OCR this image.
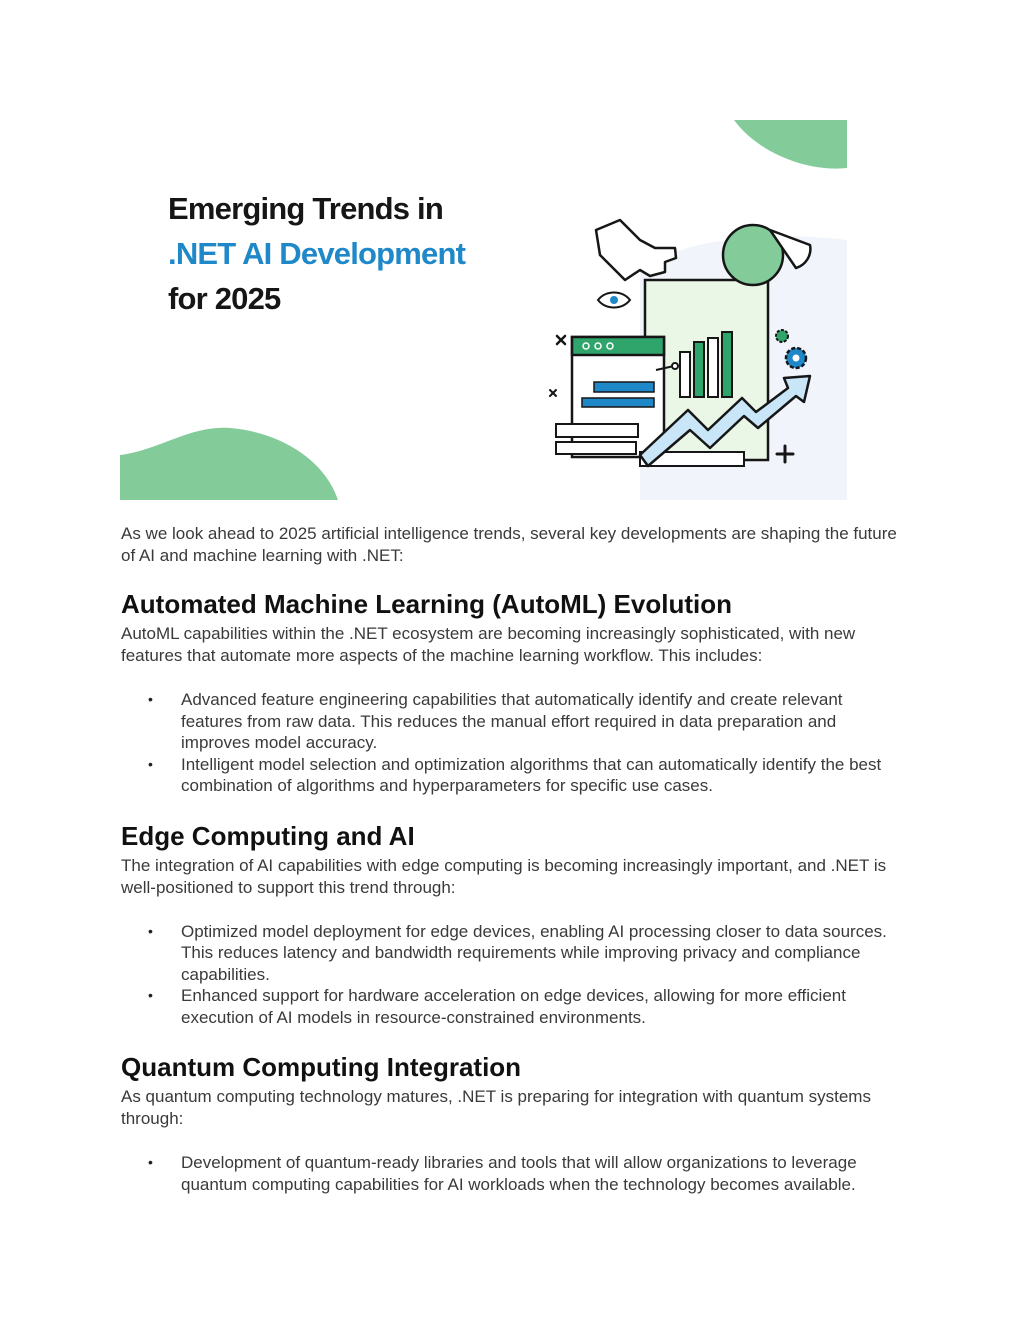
Emerging Trends in
.NET AI Development
for 2025

As we look ahead to 2025 artificial intelligence trends, several key developments are shaping the future of AI and machine learning with .NET:

Automated Machine Learning (AutoML) Evolution

AutoML capabilities within the .NET ecosystem are becoming increasingly sophisticated, with new features that automate more aspects of the machine learning workflow. This includes:

• Advanced feature engineering capabilities that automatically identify and create relevant features from raw data. This reduces the manual effort required in data preparation and improves model accuracy.
• Intelligent model selection and optimization algorithms that can automatically identify the best combination of algorithms and hyperparameters for specific use cases.
Edge Computing and AI

The integration of AI capabilities with edge computing is becoming increasingly important, and .NET is well-positioned to support this trend through:

• Optimized model deployment for edge devices, enabling AI processing closer to data sources. This reduces latency and bandwidth requirements while improving privacy and compliance capabilities.
• Enhanced support for hardware acceleration on edge devices, allowing for more efficient execution of AI models in resource-constrained environments.
Quantum Computing Integration

As quantum computing technology matures, .NET is preparing for integration with quantum systems through:

• Development of quantum-ready libraries and tools that will allow organizations to leverage quantum computing capabilities for AI workloads when the technology becomes available.
